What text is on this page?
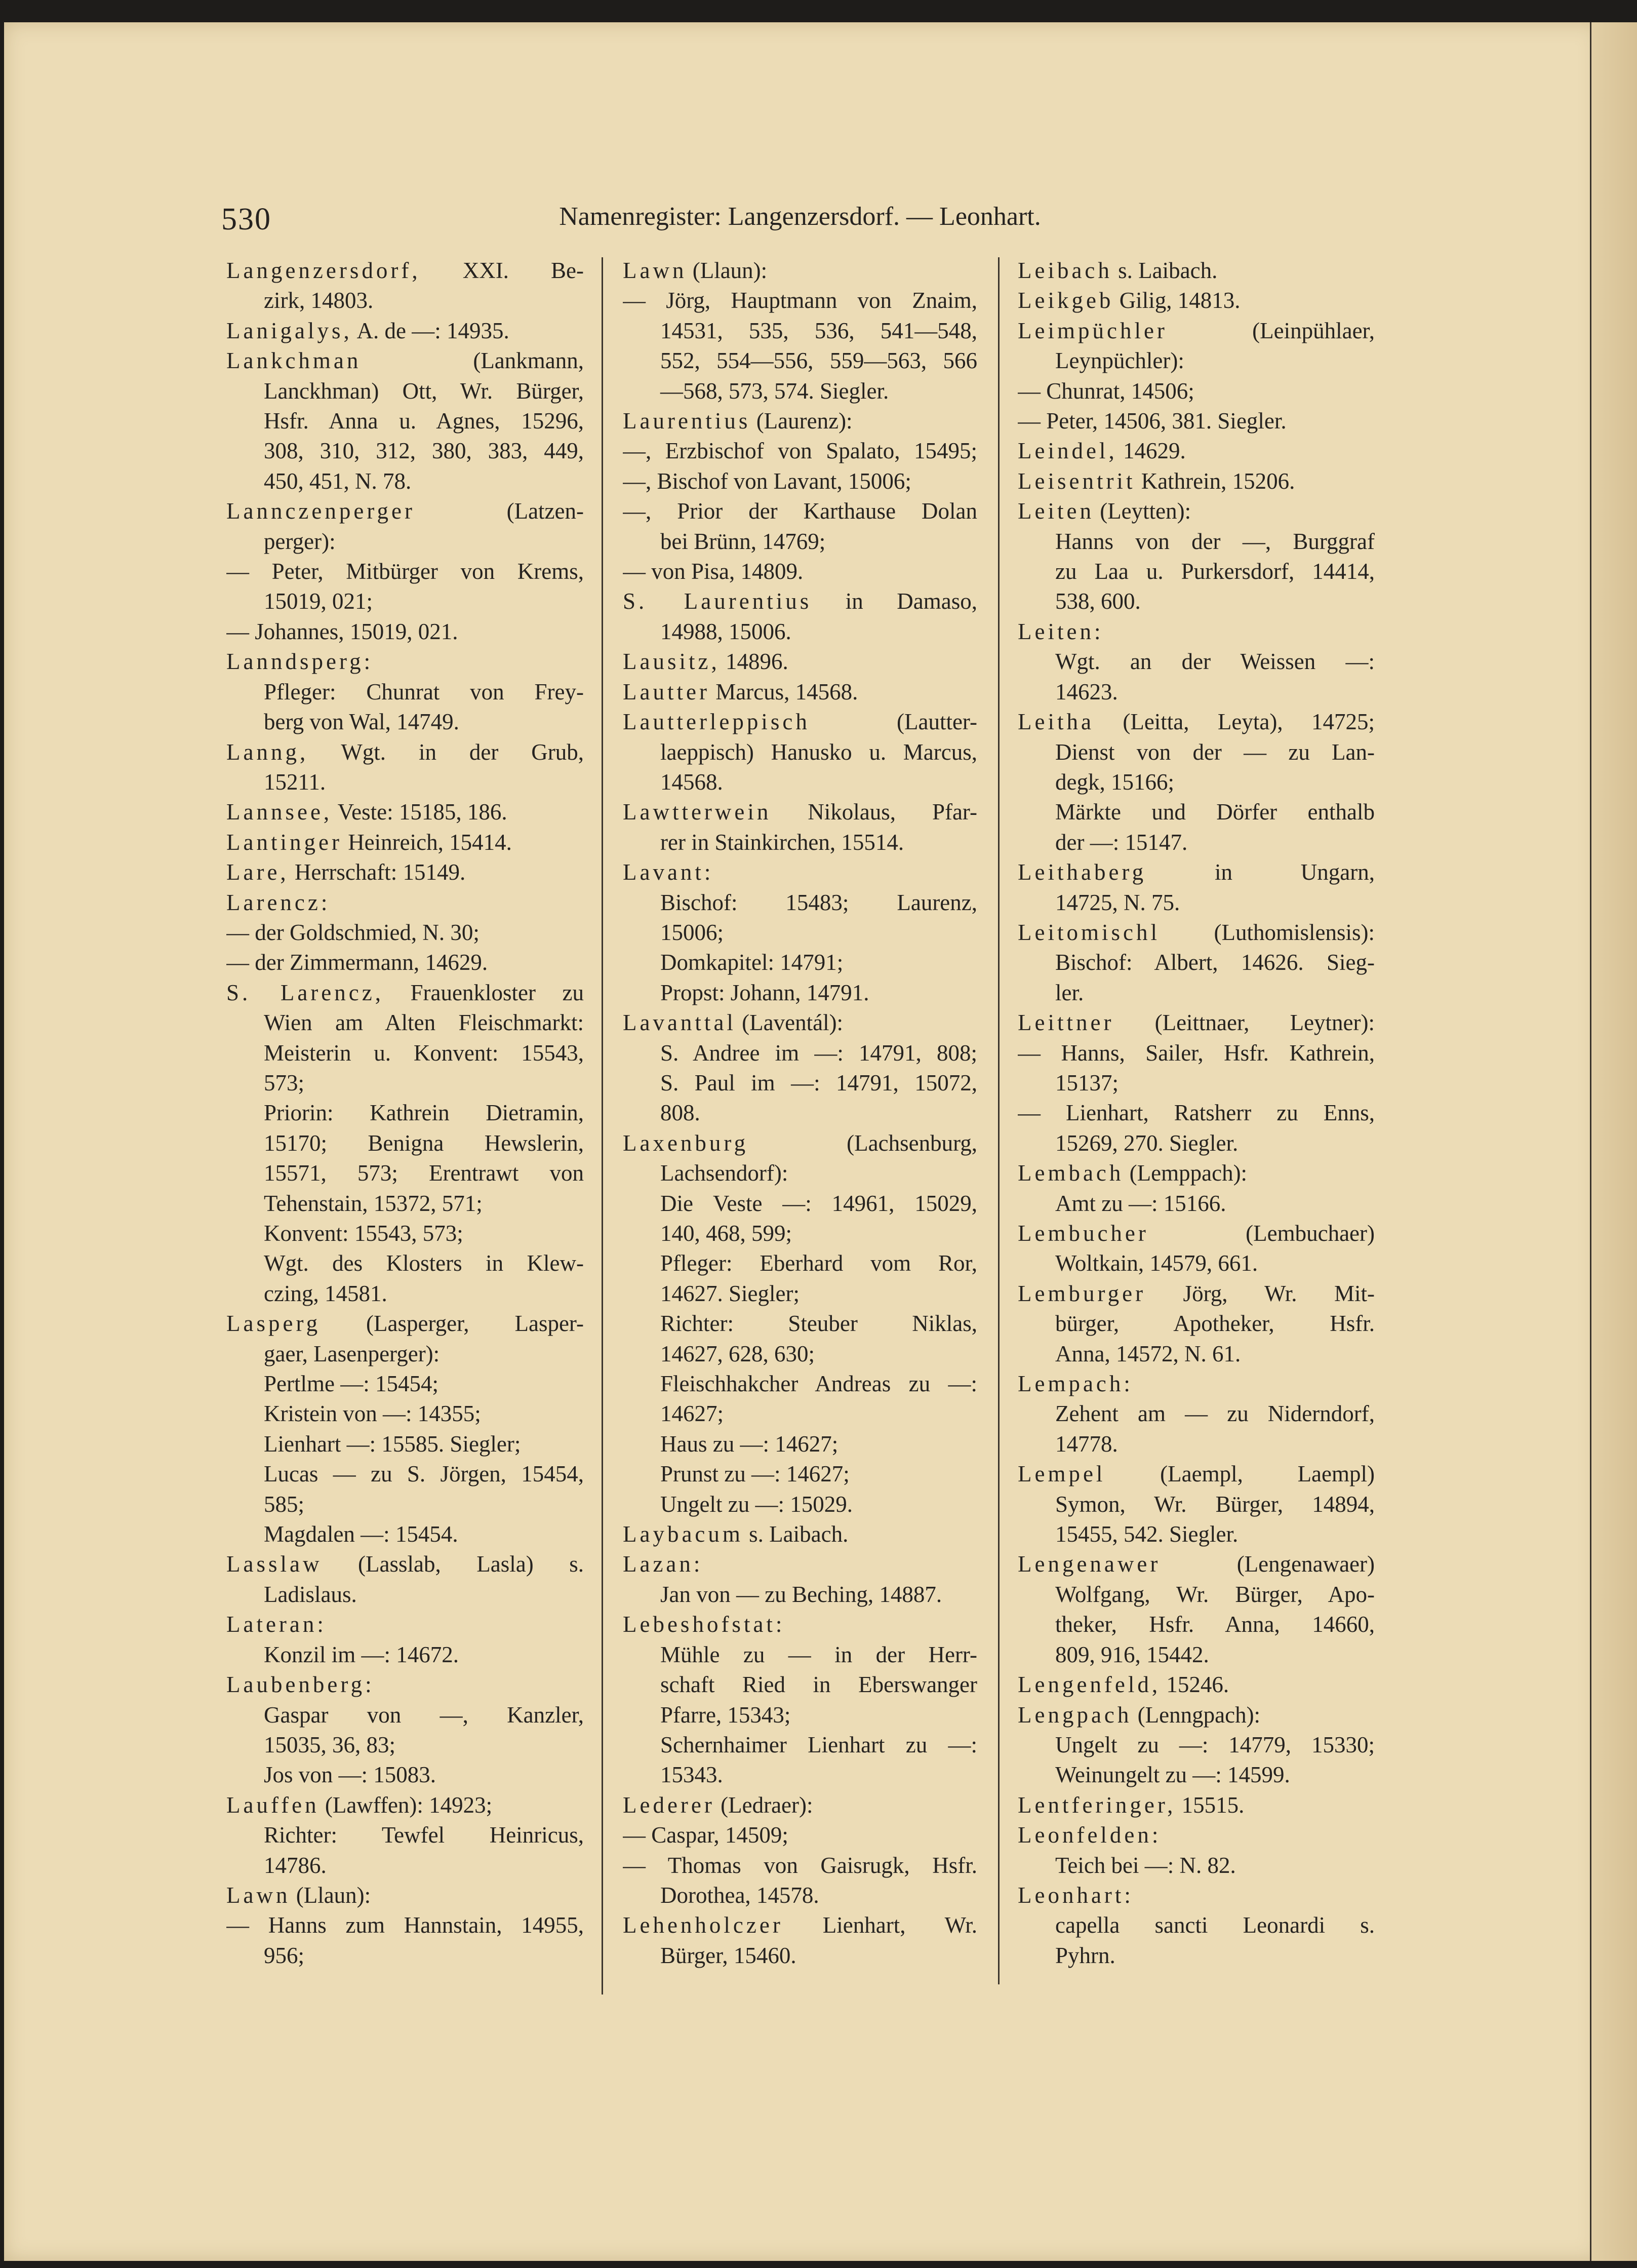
530	Namenregister: Langenzersdorf. — Leonhart.
Langenzersdorf, XXI. Be-
zirk, 14803.
Lanigalys, A. de —: 14935.
Lankchman (Lankmann,
Lanckhman) Ott, Wr. Bürger,
Hsfr. Anna u. Agnes, 15296,
308, 310, 312, 380, 383, 449,
450, 451, N. 78.
Lannczenperger (Latzen-
perger):
— Peter, Mitbürger von Krems,
15019, 021;
— Johannes, 15019, 021.
Lanndsperg:
Pfleger: Chunrat von Frey-
berg von Wal, 14749.
Lanng, Wgt. in der Grub,
15211.
Lannsee, Veste: 15185, 186.
Lantinger Heinreich, 15414.
Lare, Herrschaft: 15149.
Larencz:
— der Goldschmied, N. 30;
— der Zimmermann, 14629.
S. Larencz, Frauenkloster zu
Wien am Alten Fleischmarkt:
Meisterin u. Konvent: 15543,
573;
Priorin: Kathrein Dietramin,
15170; Benigna Hewslerin,
15571, 573; Erentrawt von
Tehenstain, 15372, 571;
Konvent: 15543, 573;
Wgt. des Klosters in Klew-
czing, 14581.
Lasperg (Lasperger, Lasper-
gaer, Lasenperger):
Pertlme —: 15454;
Kristein von —: 14355;
Lienhart —: 15585. Siegler;
Lucas — zu S. Jörgen, 15454,
585;
Magdalen —: 15454.
Lasslaw (Lasslab, Lasla) s.
Ladislaus.
Lateran:
Konzil im —: 14672.
Laubenberg:
Gaspar von —, Kanzler,
15035, 36, 83;
Jos von —: 15083.
Lauffen (Lawffen): 14923;
Richter: Tewfel Heinricus,
14786.
Lawn (Llaun):
— Hanns zum Hannstain, 14955,
956;
Lawn (Llaun):
— Jörg, Hauptmann von Znaim,
14531, 535, 536, 541—548,
552, 554—556, 559—563, 566
—568, 573, 574. Siegler.
Laurentius (Laurenz):
—, Erzbischof von Spalato, 15495;
—, Bischof von Lavant, 15006;
—, Prior der Karthause Dolan
bei Brünn, 14769;
— von Pisa, 14809.
S. Laurentius in Damaso,
14988, 15006.
Lausitz, 14896.
Lautter Marcus, 14568.
Lautterleppisch (Lautter-
laeppisch) Hanusko u. Marcus,
14568.
Lawtterwein Nikolaus, Pfar-
rer in Stainkirchen, 15514.
Lavant:
Bischof: 15483; Laurenz,
15006;
Domkapitel: 14791;
Propst: Johann, 14791.
Lavanttal (Laventál):
S. Andree im —: 14791, 808;
S. Paul im —: 14791, 15072,
808.
Laxenburg (Lachsenburg,
Lachsendorf):
Die Veste —: 14961, 15029,
140, 468, 599;
Pfleger: Eberhard vom Ror,
14627. Siegler;
Richter: Steuber Niklas,
14627, 628, 630;
Fleischhakcher Andreas zu —:
14627;
Haus zu —: 14627;
Prunst zu —: 14627;
Ungelt zu —: 15029.
Laybacum s. Laibach.
Lazan:
Jan von — zu Beching, 14887.
Lebeshofstat:
Mühle zu — in der Herr-
schaft Ried in Eberswanger
Pfarre, 15343;
Schernhaimer Lienhart zu —:
15343.
Lederer (Ledraer):
— Caspar, 14509;
— Thomas von Gaisrugk, Hsfr.
Dorothea, 14578.
Lehenholczer Lienhart, Wr.
Bürger, 15460.
Leibach s. Laibach.
Leikgeb Gilig, 14813.
Leimpüchler (Leinpühlaer,
Leynpüchler):
— Chunrat, 14506;
— Peter, 14506, 381. Siegler.
Leindel, 14629.
Leisentrit Kathrein, 15206.
Leiten (Leytten):
Hanns von der —, Burggraf
zu Laa u. Purkersdorf, 14414,
538, 600.
Leiten:
Wgt. an der Weissen —:
14623.
Leitha (Leitta, Leyta), 14725;
Dienst von der — zu Lan-
degk, 15166;
Märkte und Dörfer enthalb
der —: 15147.
Leithaberg in Ungarn,
14725, N. 75.
Leitomischl (Luthomislensis):
Bischof: Albert, 14626. Sieg-
ler.
Leittner (Leittnaer, Leytner):
— Hanns, Sailer, Hsfr. Kathrein,
15137;
— Lienhart, Ratsherr zu Enns,
15269, 270. Siegler.
Lembach (Lemppach):
Amt zu —: 15166.
Lembucher (Lembuchaer)
Woltkain, 14579, 661.
Lemburger Jörg, Wr. Mit-
bürger, Apotheker, Hsfr.
Anna, 14572, N. 61.
Lempach:
Zehent am — zu Niderndorf,
14778.
Lempel (Laempl, Laempl)
Symon, Wr. Bürger, 14894,
15455, 542. Siegler.
Lengenawer (Lengenawaer)
Wolfgang, Wr. Bürger, Apo-
theker, Hsfr. Anna, 14660,
809, 916, 15442.
Lengenfeld, 15246.
Lengpach (Lenngpach):
Ungelt zu —: 14779, 15330;
Weinungelt zu —: 14599.
Lentferinger, 15515.
Leonfelden:
Teich bei —: N. 82.
Leonhart:
capella sancti Leonardi s.
Pyhrn.
